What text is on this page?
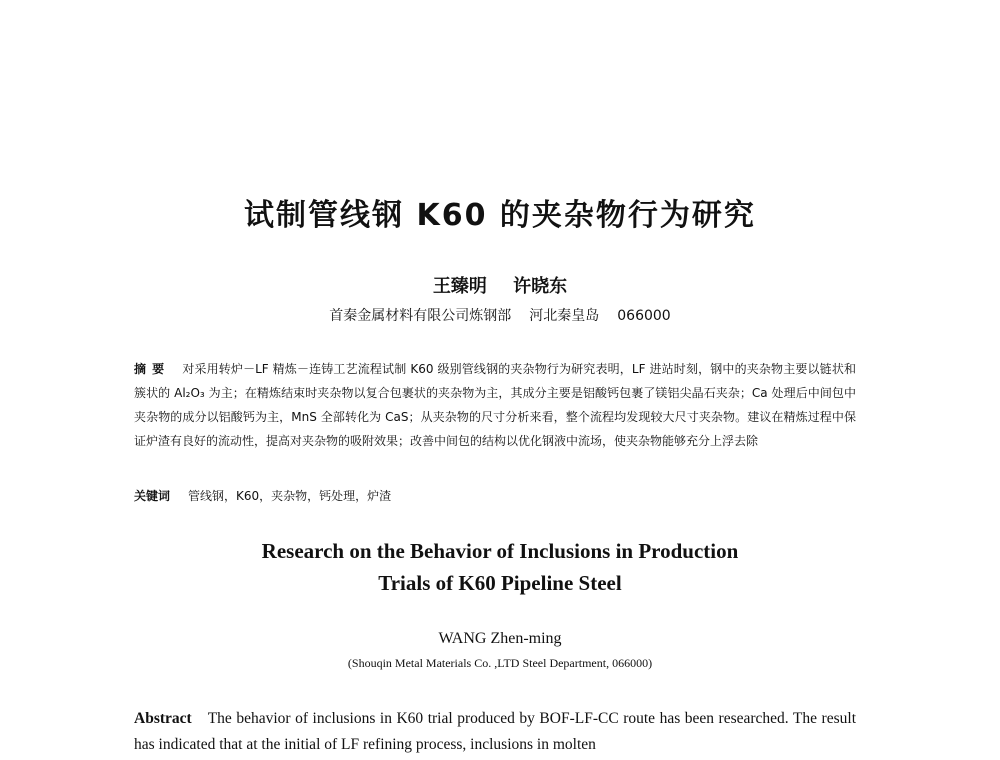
试制管线钢 K60 的夹杂物行为研究
王臻明 许晓东
首秦金属材料有限公司炼钢部 河北秦皇岛 066000
摘要 对采用转炉－LF 精炼－连铸工艺流程试制 K60 级别管线钢的夹杂物行为研究表明，LF 进站时刻，钢中的夹杂物主要以链状和簇状的 Al₂O₃ 为主；在精炼结束时夹杂物以复合包裹状的夹杂物为主，其成分主要是铝酸钙包裹了镁铝尖晶石夹杂；Ca 处理后中间包中夹杂物的成分以铝酸钙为主，MnS 全部转化为 CaS；从夹杂物的尺寸分析来看，整个流程均发现较大尺寸夹杂物。建议在精炼过程中保证炉渣有良好的流动性，提高对夹杂物的吸附效果；改善中间包的结构以优化钢液中流场，使夹杂物能够充分上浮去除
关键词 管线钢，K60，夹杂物，钙处理，炉渣
Research on the Behavior of Inclusions in Production
Trials of K60 Pipeline Steel
WANG Zhen-ming
(Shouqin Metal Materials Co. ,LTD Steel Department, 066000)
Abstract The behavior of inclusions in K60 trial produced by BOF-LF-CC route has been researched. The result has indicated that at the initial of LF refining process, inclusions in molten
